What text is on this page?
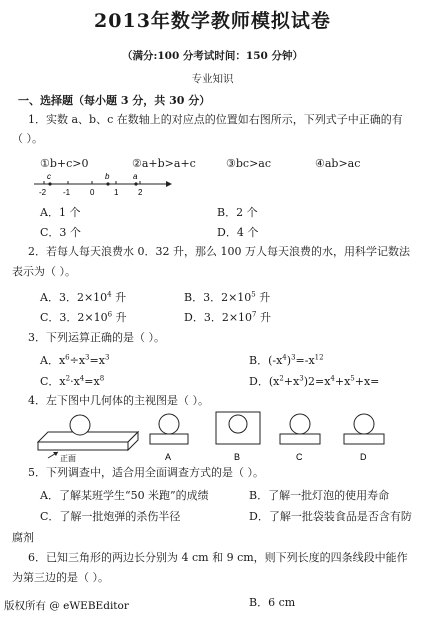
2013年数学教师模拟试卷
（满分:100 分考试时间：150 分钟）
专业知识
一、选择题（每小题 3 分，共 30 分）
1．实数 a、b、c 在数轴上的对应点的位置如右图所示，下列式子中正确的有
（ ）。
①b+c>0	②a+b>a+c	③bc>ac	④ab>ac
c	b	a
-2 -1 0 1 2
A．1 个	B．2 个
C．3 个	D．4 个
2．若每人每天浪费水 0．32 升，那么 100 万人每天浪费的水，用科学记数法
表示为（ ）。
A．3．$2\times 10^4$ 升	B．3．$2\times 10^5$ 升
C．3．$2\times 10^6$ 升	D．3．$2\times 10^7$ 升
3．下列运算正确的是（ ）。
A．$x^6\div x^3=x^3$	B．$(-x^4)^3=-x^{12}$
C．$x^2\cdot x^4=x^8$	D．$(x^2+x^3)2=x^4+x^5+x=$
4．左下图中几何体的主视图是（ ）。
正面	A	B	C	D
5．下列调查中，适合用全面调查方式的是（ ）。
A．了解某班学生“50 米跑”的成绩	B．了解一批灯泡的使用寿命
C．了解一批炮弹的杀伤半径	D．了解一批袋装食品是否含有防
腐剂
6．已知三角形的两边长分别为 4 cm 和 9 cm，则下列长度的四条线段中能作
为第三边的是（ ）。
B．6 cm
版权所有 @ eWEBEditor
